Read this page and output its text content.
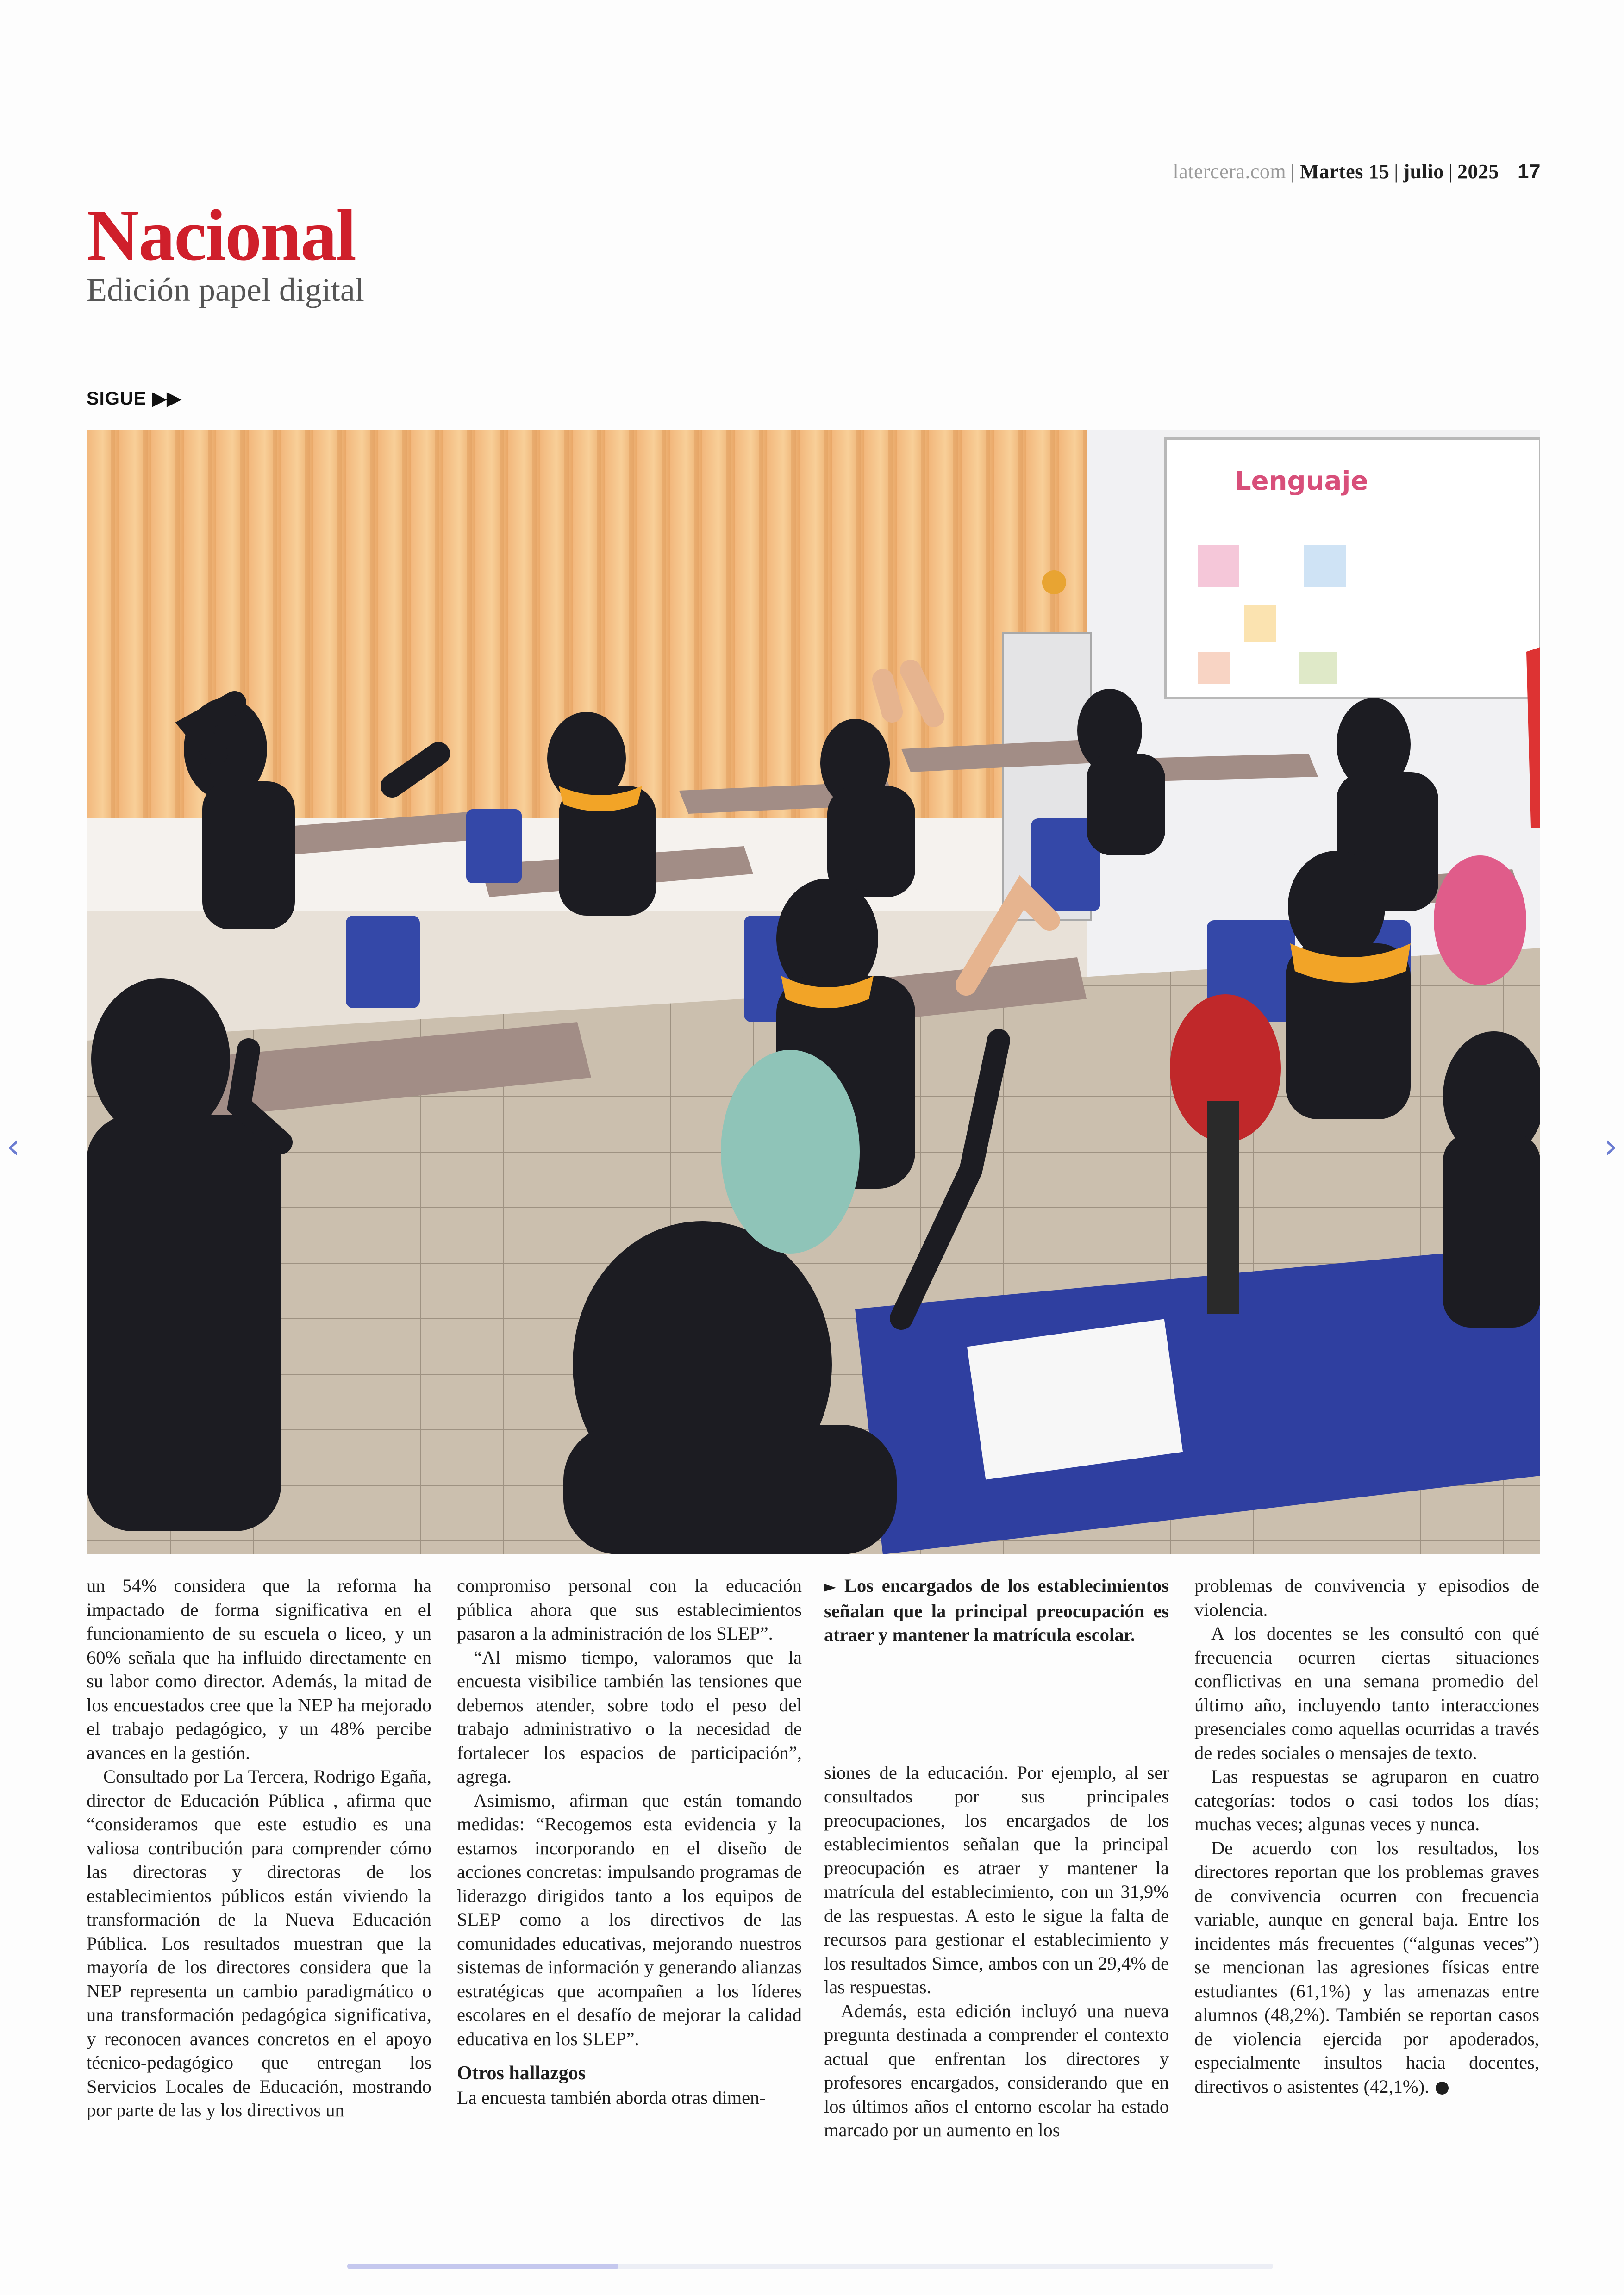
latercera.com | Martes 15 | julio | 2025 17
Nacional
Edición papel digital
SIGUE ▶▶
Lenguaje
‹	›

un 54% considera que la reforma ha impactado de forma significativa en el funcionamiento de su escuela o liceo, y un 60% señala que ha influido directamente en su labor como director. Además, la mitad de los encuestados cree que la NEP ha mejorado el trabajo pedagógico, y un 48% percibe avances en la gestión.

Consultado por La Tercera, Rodrigo Egaña, director de Educación Pública , afirma que “consideramos que este estudio es una valiosa contribución para comprender cómo las directoras y directoras de los establecimientos públicos están viviendo la transformación de la Nueva Educación Pública. Los resultados muestran que la mayoría de los directores considera que la NEP representa un cambio paradigmático o una transformación pedagógica significativa, y reconocen avances concretos en el apoyo técnico-pedagógico que entregan los Servicios Locales de Educación, mostrando por parte de las y los directivos un

compromiso personal con la educación pública ahora que sus establecimientos pasaron a la administración de los SLEP”.

“Al mismo tiempo, valoramos que la encuesta visibilice también las tensiones que debemos atender, sobre todo el peso del trabajo administrativo o la necesidad de fortalecer los espacios de participación”, agrega.

Asimismo, afirman que están tomando medidas: “Recogemos esta evidencia y la estamos incorporando en el diseño de acciones concretas: impulsando programas de liderazgo dirigidos tanto a los equipos de SLEP como a los directivos de las comunidades educativas, mejorando nuestros sistemas de información y generando alianzas estratégicas que acompañen a los líderes escolares en el desafío de mejorar la calidad educativa en los SLEP”.

Otros hallazgos

La encuesta también aborda otras dimen-

► Los encargados de los establecimientos señalan que la principal preocupación es atraer y mantener la matrícula escolar.

siones de la educación. Por ejemplo, al ser consultados por sus principales preocupaciones, los encargados de los establecimientos señalan que la principal preocupación es atraer y mantener la matrícula del establecimiento, con un 31,9% de las respuestas. A esto le sigue la falta de recursos para gestionar el establecimiento y los resultados Simce, ambos con un 29,4% de las respuestas.

Además, esta edición incluyó una nueva pregunta destinada a comprender el contexto actual que enfrentan los directores y profesores encargados, considerando que en los últimos años el entorno escolar ha estado marcado por un aumento en los

problemas de convivencia y episodios de violencia.

A los docentes se les consultó con qué frecuencia ocurren ciertas situaciones conflictivas en una semana promedio del último año, incluyendo tanto interacciones presenciales como aquellas ocurridas a través de redes sociales o mensajes de texto.

Las respuestas se agruparon en cuatro categorías: todos o casi todos los días; muchas veces; algunas veces y nunca.

De acuerdo con los resultados, los directores reportan que los problemas graves de convivencia ocurren con frecuencia variable, aunque en general baja. Entre los incidentes más frecuentes (“algunas veces”) se mencionan las agresiones físicas entre estudiantes (61,1%) y las amenazas entre alumnos (48,2%). También se reportan casos de violencia ejercida por apoderados, especialmente insultos hacia docentes, directivos o asistentes (42,1%).
